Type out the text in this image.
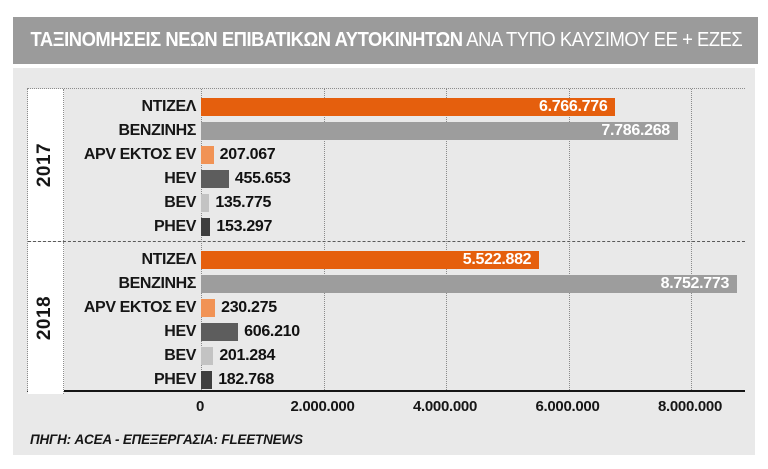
ΤΑΞΙΝΟΜΗΣΕΙΣ ΝΕΩΝ ΕΠΙΒΑΤΙΚΩΝ ΑΥΤΟΚΙΝΗΤΩΝ ΑΝΑ ΤΥΠΟ ΚΑΥΣΙΜΟΥ ΕΕ + ΕΖΕΣ
2017
ΝΤΙΖΕΛ	6.766.776
ΒΕΝΖΙΝΗΣ	7.786.268
APV ΕΚΤΟΣ EV 207.067
HEV 455.653
BEV 135.775
PHEV 153.297
2018
ΝΤΙΖΕΛ	5.522.882
ΒΕΝΖΙΝΗΣ	8.752.773
APV ΕΚΤΟΣ EV 230.275
HEV	606.210
BEV 201.284
PHEV 182.768
0	2.000.000	4.000.000	6.000.000	8.000.000
ΠΗΓΗ: ACEA - ΕΠΕΞΕΡΓΑΣΙΑ: FLEETNEWS
